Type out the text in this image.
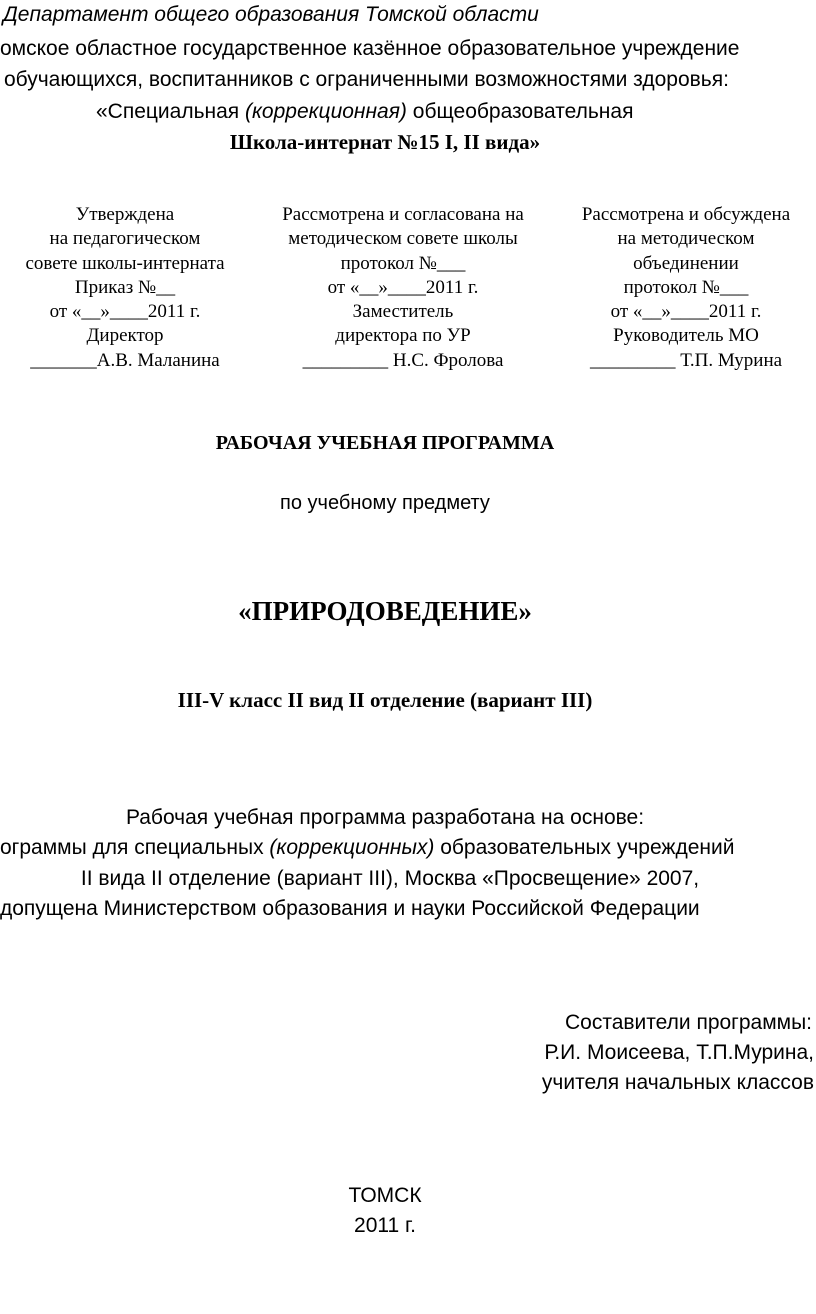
Департамент общего образования Томской области

омское областное государственное казённое образовательное учреждение

обучающихся, воспитанников с ограниченными возможностями здоровья:

«Специальная (коррекционная) общеобразовательная

Школа-интернат №15 I, II вида»

Утверждена
на педагогическом
совете школы-интерната
Приказ №__
от «__»____2011 г.
Директор
_______А.В. Маланина
Рассмотрена и согласована на
методическом совете школы
протокол №___
от «__»____2011 г.
Заместитель
директора по УР
_________ Н.С. Фролова
Рассмотрена и обсуждена
на методическом
объединении
протокол №___
от «__»____2011 г.
Руководитель МО
_________ Т.П. Мурина

РАБОЧАЯ УЧЕБНАЯ ПРОГРАММА

по учебному предмету

«ПРИРОДОВЕДЕНИЕ»

III-V класс II вид II отделение (вариант III)

Рабочая учебная программа разработана на основе:

ограммы для специальных (коррекционных) образовательных учреждений

II вида II отделение (вариант III), Москва «Просвещение» 2007,

допущена Министерством образования и науки Российской Федерации

Составители программы:

Р.И. Моисеева, Т.П.Мурина,

учителя начальных классов

ТОМСК

2011 г.
